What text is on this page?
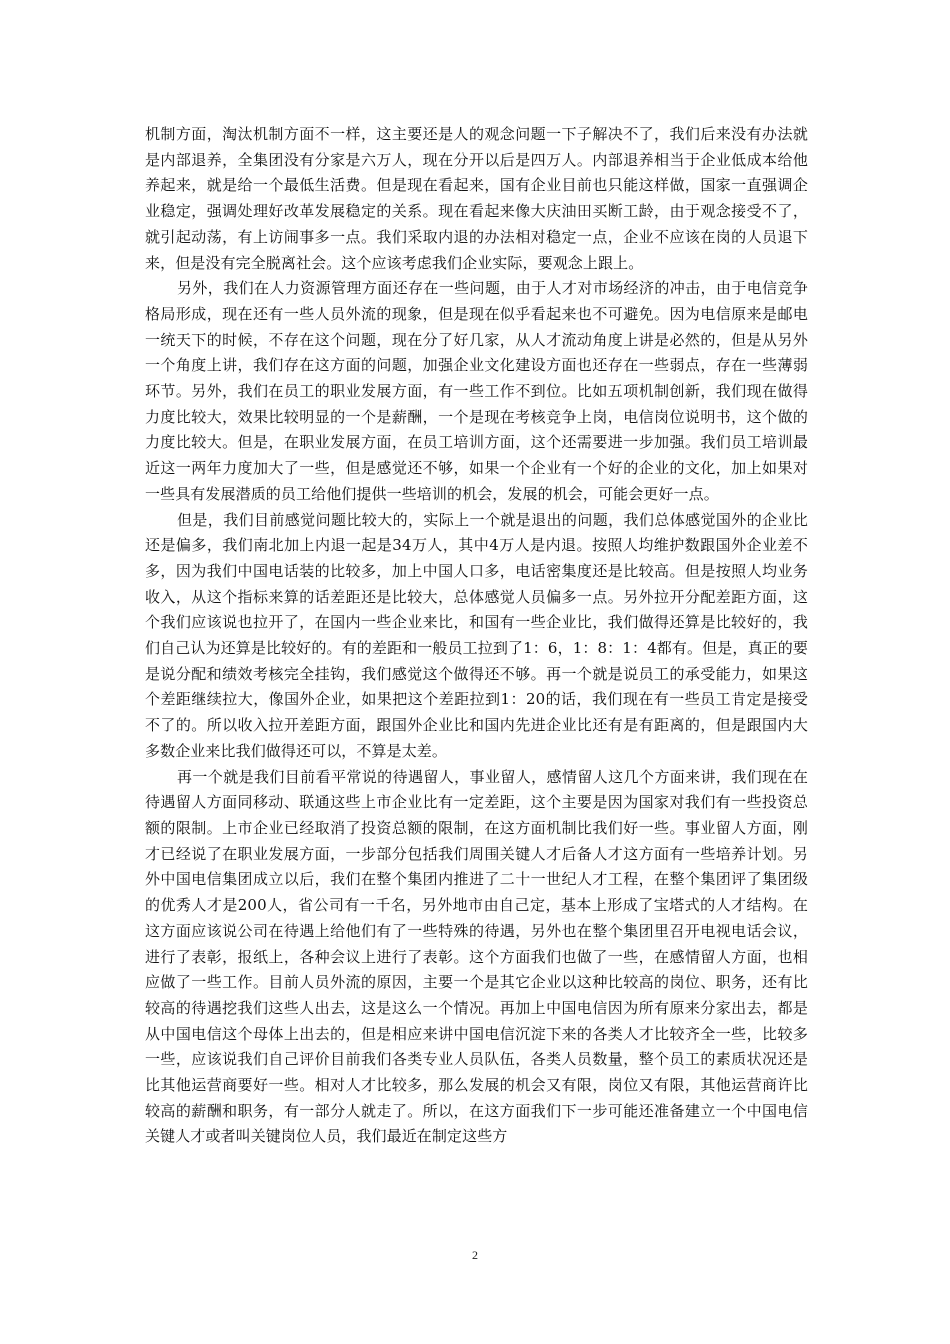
机制方面，淘汰机制方面不一样，这主要还是人的观念问题一下子解决不了，我们后来没有办法就是内部退养，全集团没有分家是六万人，现在分开以后是四万人。内部退养相当于企业低成本给他养起来，就是给一个最低生活费。但是现在看起来，国有企业目前也只能这样做，国家一直强调企业稳定，强调处理好改革发展稳定的关系。现在看起来像大庆油田买断工龄，由于观念接受不了，就引起动荡，有上访闹事多一点。我们采取内退的办法相对稳定一点，企业不应该在岗的人员退下来，但是没有完全脱离社会。这个应该考虑我们企业实际，要观念上跟上。

另外，我们在人力资源管理方面还存在一些问题，由于人才对市场经济的冲击，由于电信竞争格局形成，现在还有一些人员外流的现象，但是现在似乎看起来也不可避免。因为电信原来是邮电一统天下的时候，不存在这个问题，现在分了好几家，从人才流动角度上讲是必然的，但是从另外一个角度上讲，我们存在这方面的问题，加强企业文化建设方面也还存在一些弱点，存在一些薄弱环节。另外，我们在员工的职业发展方面，有一些工作不到位。比如五项机制创新，我们现在做得力度比较大，效果比较明显的一个是薪酬，一个是现在考核竞争上岗，电信岗位说明书，这个做的力度比较大。但是，在职业发展方面，在员工培训方面，这个还需要进一步加强。我们员工培训最近这一两年力度加大了一些，但是感觉还不够，如果一个企业有一个好的企业的文化，加上如果对一些具有发展潜质的员工给他们提供一些培训的机会，发展的机会，可能会更好一点。

但是，我们目前感觉问题比较大的，实际上一个就是退出的问题，我们总体感觉国外的企业比还是偏多，我们南北加上内退一起是34万人，其中4万人是内退。按照人均维护数跟国外企业差不多，因为我们中国电话装的比较多，加上中国人口多，电话密集度还是比较高。但是按照人均业务收入，从这个指标来算的话差距还是比较大，总体感觉人员偏多一点。另外拉开分配差距方面，这个我们应该说也拉开了，在国内一些企业来比，和国有一些企业比，我们做得还算是比较好的，我们自己认为还算是比较好的。有的差距和一般员工拉到了1：6，1：8：1：4都有。但是，真正的要是说分配和绩效考核完全挂钩，我们感觉这个做得还不够。再一个就是说员工的承受能力，如果这个差距继续拉大，像国外企业，如果把这个差距拉到1：20的话，我们现在有一些员工肯定是接受不了的。所以收入拉开差距方面，跟国外企业比和国内先进企业比还有是有距离的，但是跟国内大多数企业来比我们做得还可以，不算是太差。

再一个就是我们目前看平常说的待遇留人，事业留人，感情留人这几个方面来讲，我们现在在待遇留人方面同移动、联通这些上市企业比有一定差距，这个主要是因为国家对我们有一些投资总额的限制。上市企业已经取消了投资总额的限制，在这方面机制比我们好一些。事业留人方面，刚才已经说了在职业发展方面，一步部分包括我们周围关键人才后备人才这方面有一些培养计划。另外中国电信集团成立以后，我们在整个集团内推进了二十一世纪人才工程，在整个集团评了集团级的优秀人才是200人，省公司有一千名，另外地市由自己定，基本上形成了宝塔式的人才结构。在这方面应该说公司在待遇上给他们有了一些特殊的待遇，另外也在整个集团里召开电视电话会议，进行了表彰，报纸上，各种会议上进行了表彰。这个方面我们也做了一些，在感情留人方面，也相应做了一些工作。目前人员外流的原因，主要一个是其它企业以这种比较高的岗位、职务，还有比较高的待遇挖我们这些人出去，这是这么一个情况。再加上中国电信因为所有原来分家出去，都是从中国电信这个母体上出去的，但是相应来讲中国电信沉淀下来的各类人才比较齐全一些，比较多一些，应该说我们自己评价目前我们各类专业人员队伍，各类人员数量，整个员工的素质状况还是比其他运营商要好一些。相对人才比较多，那么发展的机会又有限，岗位又有限，其他运营商许比较高的薪酬和职务，有一部分人就走了。所以，在这方面我们下一步可能还准备建立一个中国电信关键人才或者叫关键岗位人员，我们最近在制定这些方

2
